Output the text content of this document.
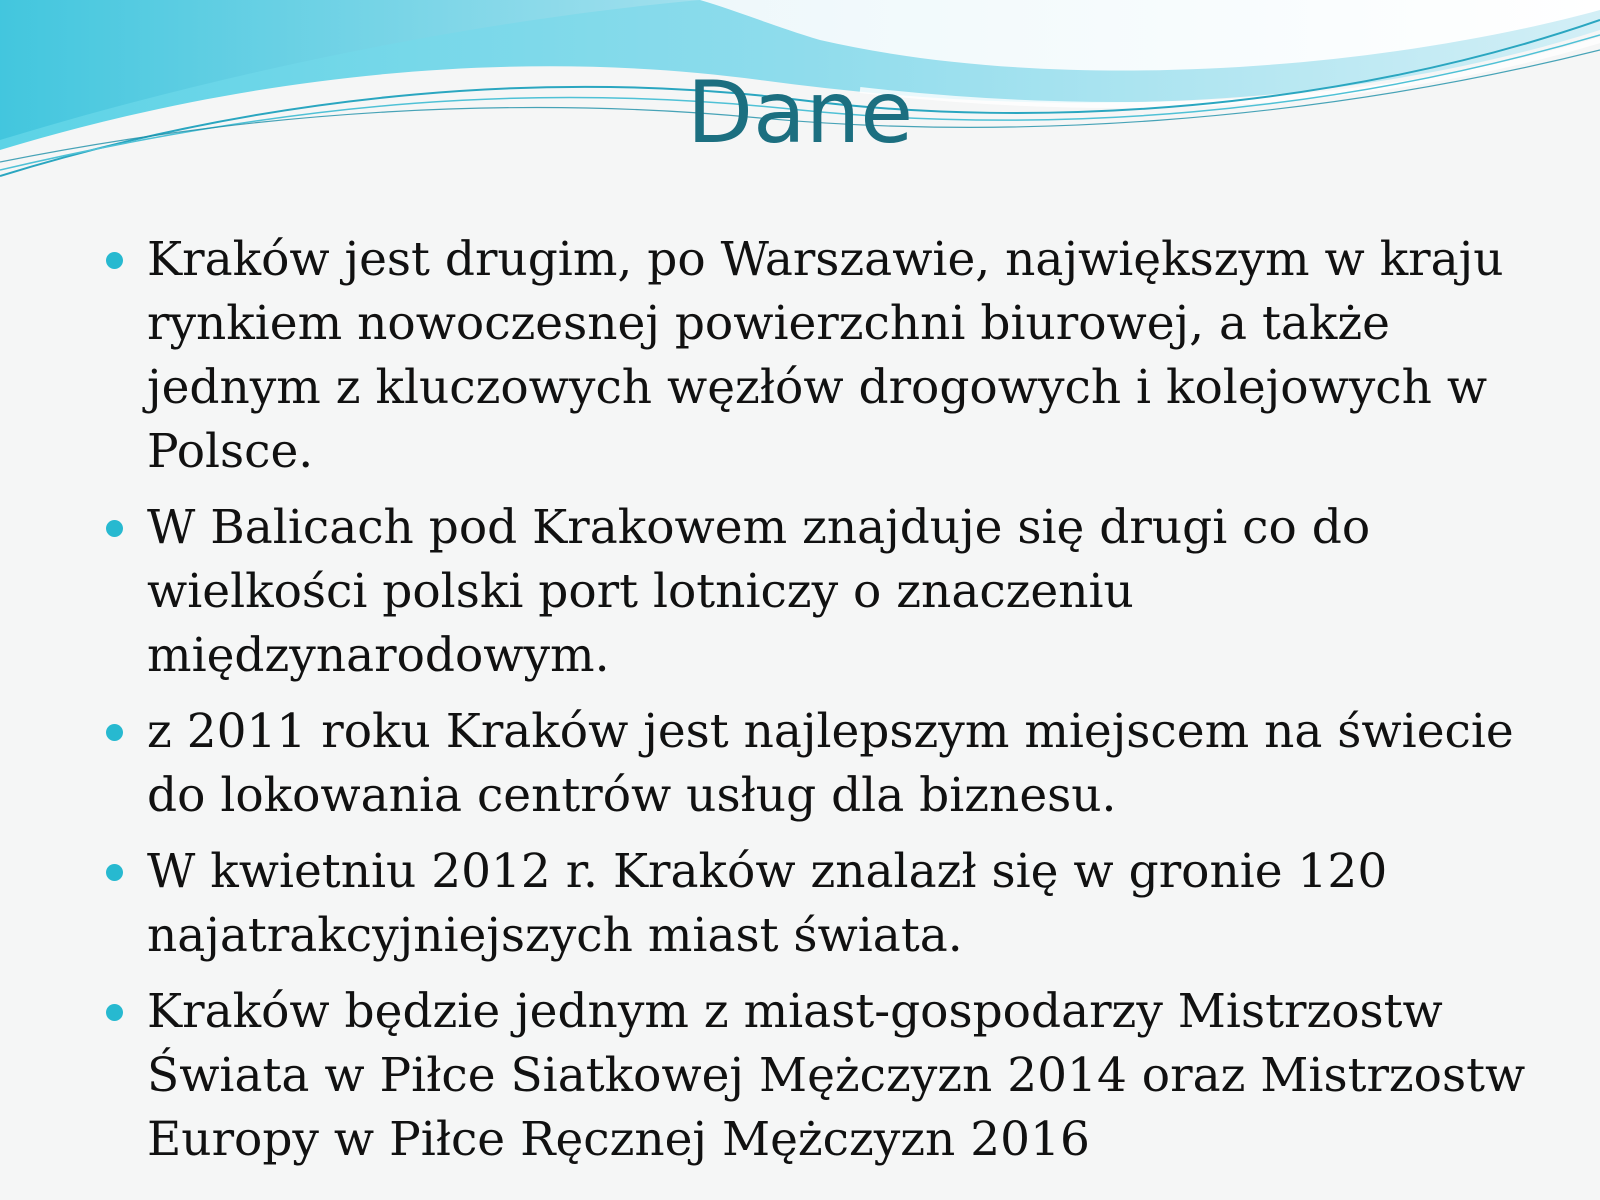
Dane
Kraków jest drugim, po Warszawie, największym w kraju rynkiem nowoczesnej powierzchni biurowej, a także jednym z kluczowych węzłów drogowych i kolejowych w Polsce.
W Balicach pod Krakowem znajduje się drugi co do wielkości polski port lotniczy o znaczeniu międzynarodowym.
z 2011 roku Kraków jest najlepszym miejscem na świecie do lokowania centrów usług dla biznesu.
W kwietniu 2012 r. Kraków znalazł się w gronie 120 najatrakcyjniejszych miast świata.
Kraków będzie jednym z miast-gospodarzy Mistrzostw Świata w Piłce Siatkowej Mężczyzn 2014 oraz Mistrzostw Europy w Piłce Ręcznej Mężczyzn 2016
